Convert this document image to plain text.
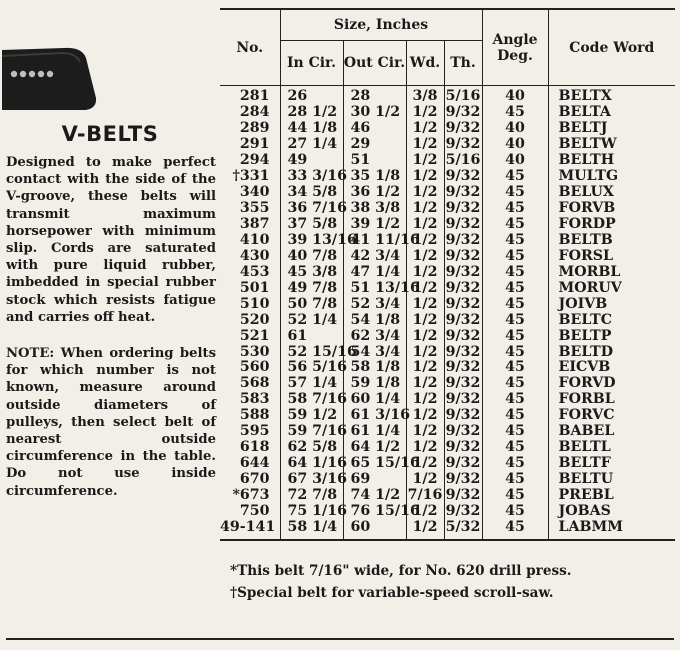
V-BELTS

Designed to make perfect contact with the side of the V-groove, these belts will transmit maximum horsepower with minimum slip. Cords are saturated with pure liquid rubber, imbedded in special rubber stock which resists fatigue and carries off heat.

NOTE: When ordering belts for which number is not known, measure around outside diameters of pulleys, then select belt of nearest outside circumference in the table. Do not use inside circumference.

No.	Size, Inches				Angle Deg.	Code Word
	In Cir.	Out Cir.	Wd.	Th.		
281	26	28	3/8	5/16	40	BELTX
284	28 1/2	30 1/2	1/2	9/32	45	BELTA
289	44 1/8	46	1/2	9/32	40	BELTJ
291	27 1/4	29	1/2	9/32	40	BELTW
294	49	51	1/2	5/16	40	BELTH
†331	33 3/16	35 1/8	1/2	9/32	45	MULTG
340	34 5/8	36 1/2	1/2	9/32	45	BELUX
355	36 7/16	38 3/8	1/2	9/32	45	FORVB
387	37 5/8	39 1/2	1/2	9/32	45	FORDP
410	39 13/16	41 11/16	1/2	9/32	45	BELTB
430	40 7/8	42 3/4	1/2	9/32	45	FORSL
453	45 3/8	47 1/4	1/2	9/32	45	MORBL
501	49 7/8	51 13/16	1/2	9/32	45	MORUV
510	50 7/8	52 3/4	1/2	9/32	45	JOIVB
520	52 1/4	54 1/8	1/2	9/32	45	BELTC
521	61	62 3/4	1/2	9/32	45	BELTP
530	52 15/16	54 3/4	1/2	9/32	45	BELTD
560	56 5/16	58 1/8	1/2	9/32	45	EICVB
568	57 1/4	59 1/8	1/2	9/32	45	FORVD
583	58 7/16	60 1/4	1/2	9/32	45	FORBL
588	59 1/2	61 3/16	1/2	9/32	45	FORVC
595	59 7/16	61 1/4	1/2	9/32	45	BABEL
618	62 5/8	64 1/2	1/2	9/32	45	BELTL
644	64 1/16	65 15/16	1/2	9/32	45	BELTF
670	67 3/16	69	1/2	9/32	45	BELTU
*673	72 7/8	74 1/2	7/16	9/32	45	PREBL
750	75 1/16	76 15/16	1/2	9/32	45	JOBAS
49-141	58 1/4	60	1/2	5/32	45	LABMM
*This belt 7/16" wide, for No. 620 drill press.
†Special belt for variable-speed scroll-saw.
